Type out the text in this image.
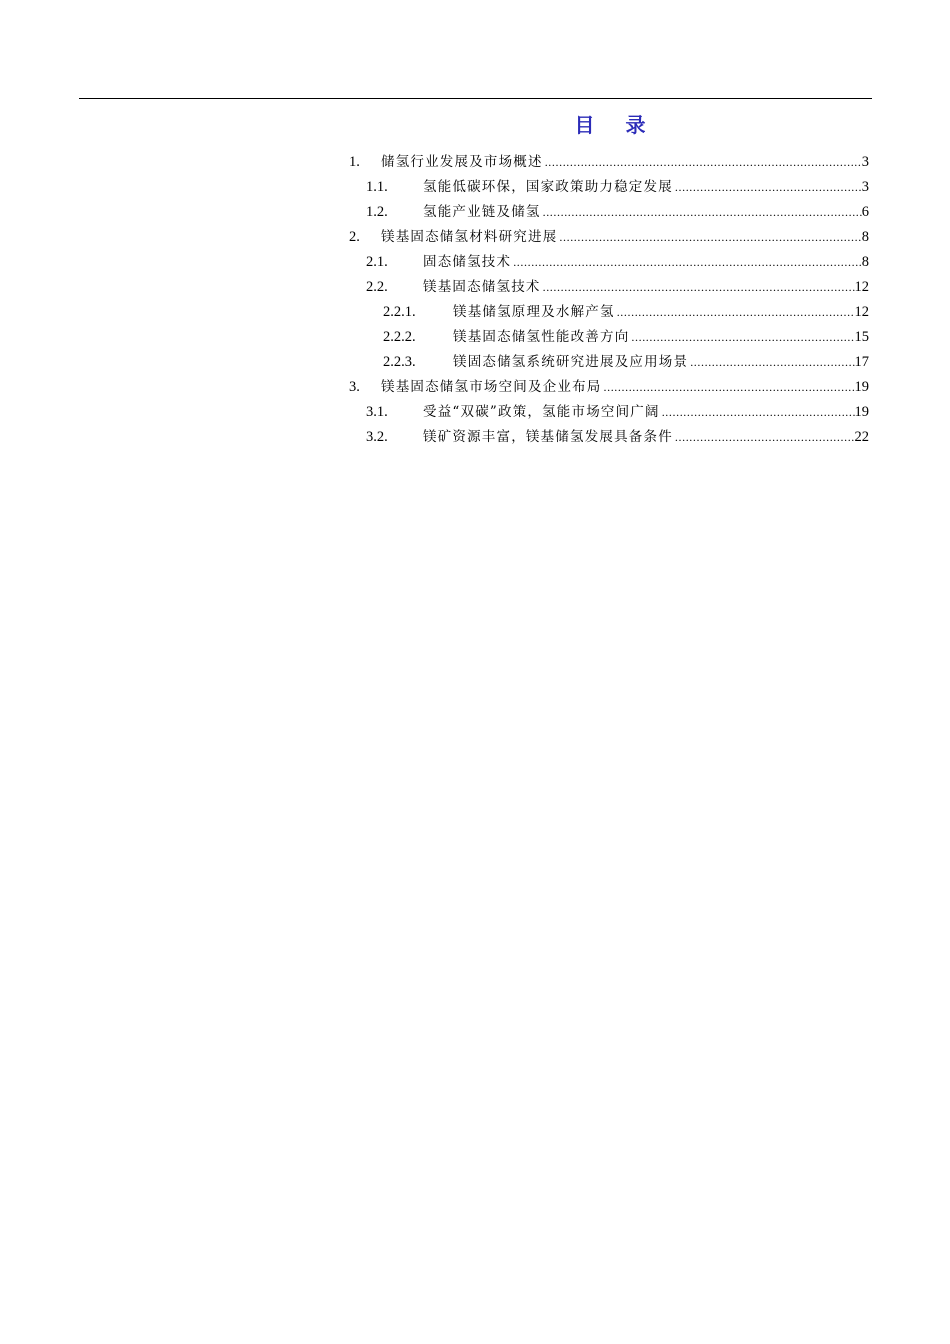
目 录
1.	储氢行业发展及市场概述 .....	3
1.1.	氢能低碳环保，国家政策助力稳定发展 .....	3
1.2.	氢能产业链及储氢 .....	6
2.	镁基固态储氢材料研究进展 .....	8
2.1.	固态储氢技术 .....	8
2.2.	镁基固态储氢技术 .....	12
2.2.1.	镁基储氢原理及水解产氢 .....	12
2.2.2.	镁基固态储氢性能改善方向 .....	15
2.2.3.	镁固态储氢系统研究进展及应用场景 .....	17
3.	镁基固态储氢市场空间及企业布局 .....	19
3.1.	受益“双碳”政策，氢能市场空间广阔 .....	19
3.2.	镁矿资源丰富，镁基储氢发展具备条件 .....	22
